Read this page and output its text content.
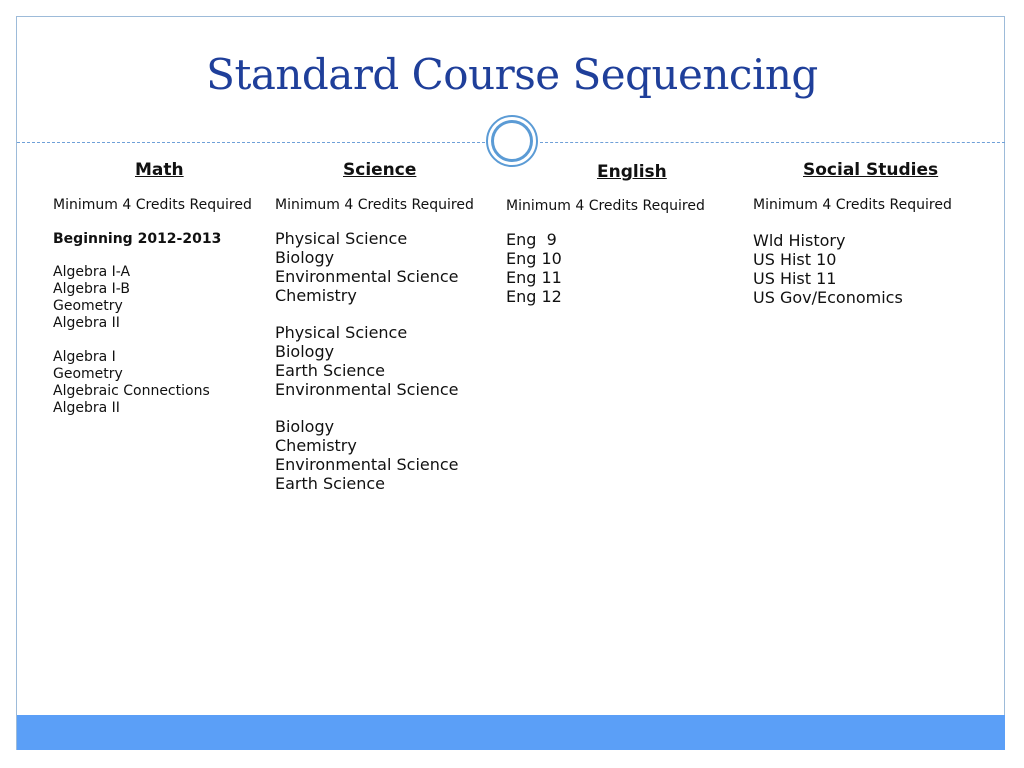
Standard Course Sequencing
Math
Minimum 4 Credits Required
Beginning 2012-2013
Algebra I-A
Algebra I-B
Geometry
Algebra II
Algebra I
Geometry
Algebraic Connections
Algebra II
Science
Minimum 4 Credits Required
Physical Science
Biology
Environmental Science
Chemistry
Physical Science
Biology
Earth Science
Environmental Science
Biology
Chemistry
Environmental Science
Earth Science
English
Minimum 4 Credits Required
Eng  9
Eng 10
Eng 11
Eng 12
Social Studies
Minimum 4 Credits Required
Wld History
US Hist 10
US Hist 11
US Gov/Economics
